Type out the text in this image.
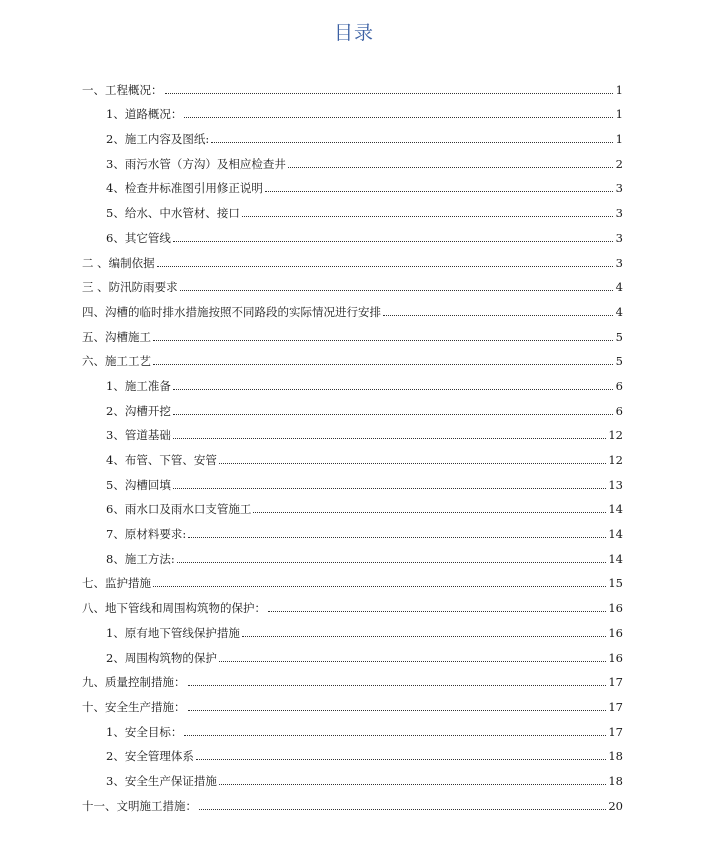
目录
一、工程概况：	1
1、道路概况：	1
2、施工内容及图纸:	1
3、雨污水管（方沟）及相应检查井	2
4、检查井标准图引用修正说明	3
5、给水、中水管材、接口	3
6、其它管线	3
二 、编制依据	3
三 、防汛防雨要求	4
四、沟槽的临时排水措施按照不同路段的实际情况进行安排	4
五、沟槽施工	5
六、施工工艺	5
1、施工准备	6
2、沟槽开挖	6
3、管道基础	12
4、布管、下管、安管	12
5、沟槽回填	13
6、雨水口及雨水口支管施工	14
7、原材料要求:	14
8、施工方法:	14
七、监护措施	15
八、地下管线和周围构筑物的保护：	16
1、原有地下管线保护措施	16
2、周围构筑物的保护	16
九、质量控制措施：	17
十、安全生产措施：	17
1、安全目标：	17
2、安全管理体系	18
3、安全生产保证措施	18
十一、文明施工措施：	20
